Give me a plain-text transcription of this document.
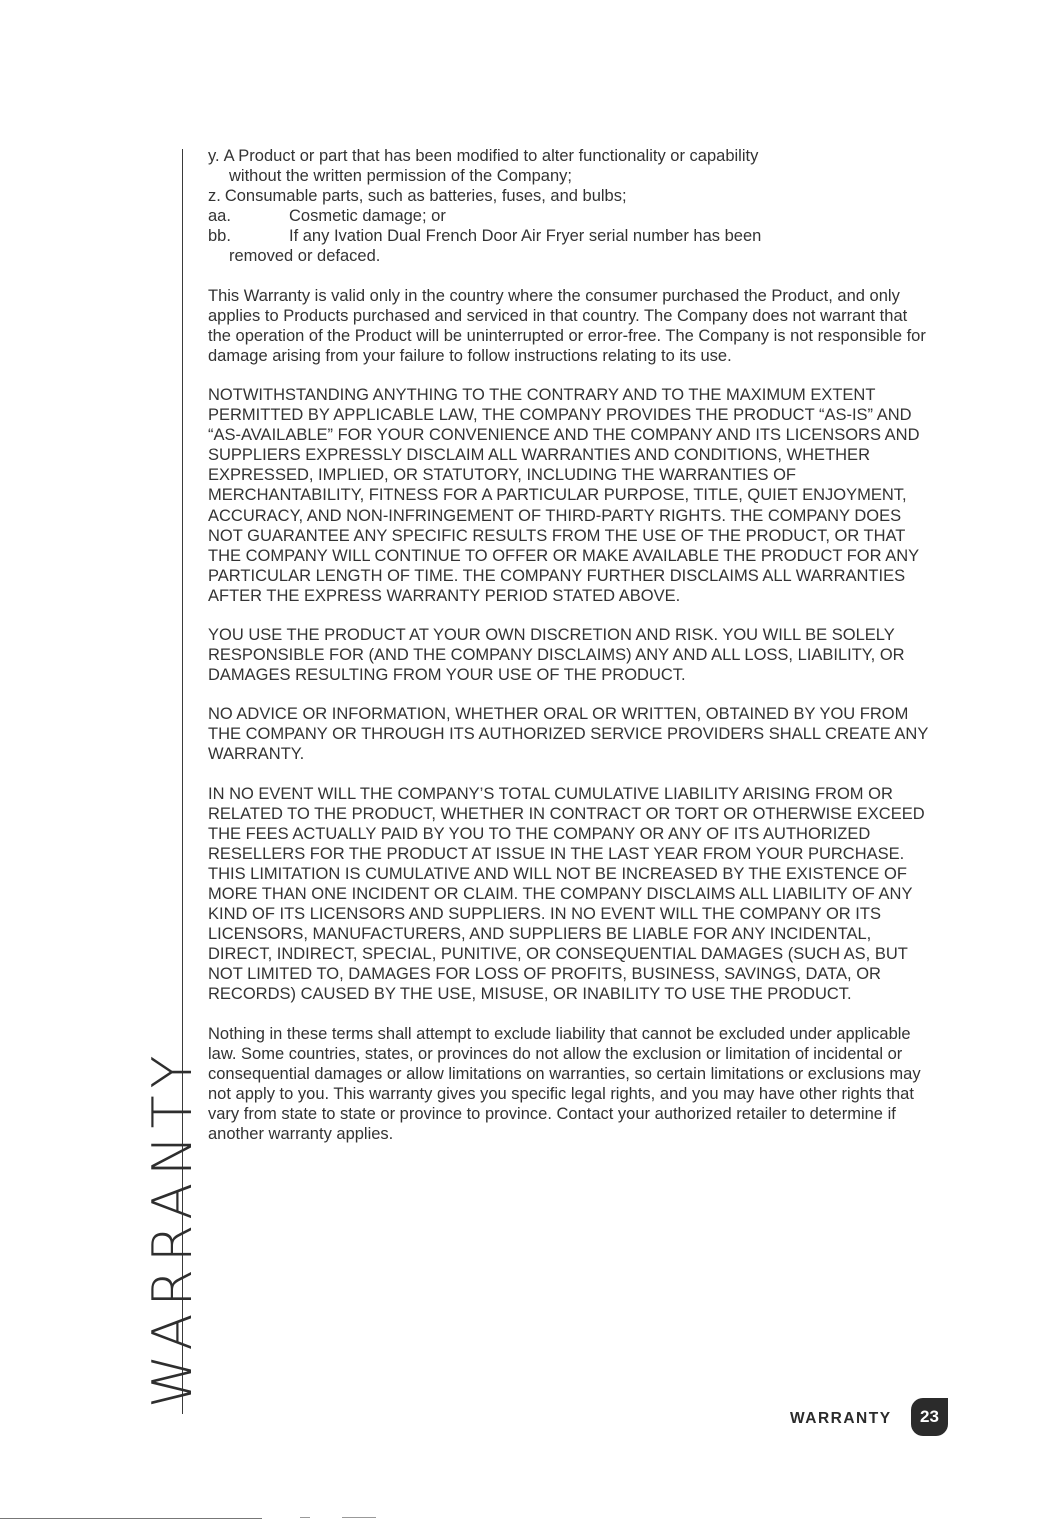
WARRANTY
y. A Product or part that has been modified to alter functionality or capability
without the written permission of the Company;
z. Consumable parts, such as batteries, fuses, and bulbs;
aa.	Cosmetic damage; or
bb.	If any Ivation Dual French Door Air Fryer serial number has been
removed or defaced.

This Warranty is valid only in the country where the consumer purchased the Product, and only applies to Products purchased and serviced in that country. The Company does not warrant that the operation of the Product will be uninterrupted or error-free. The Company is not responsible for damage arising from your failure to follow instructions relating to its use.

NOTWITHSTANDING ANYTHING TO THE CONTRARY AND TO THE MAXIMUM EXTENT PERMITTED BY APPLICABLE LAW, THE COMPANY PROVIDES THE PRODUCT “AS-IS” AND “AS-AVAILABLE” FOR YOUR CONVENIENCE AND THE COMPANY AND ITS LICENSORS AND SUPPLIERS EXPRESSLY DISCLAIM ALL WARRANTIES AND CONDITIONS, WHETHER EXPRESSED, IMPLIED, OR STATUTORY, INCLUDING THE WARRANTIES OF MERCHANTABILITY, FITNESS FOR A PARTICULAR PURPOSE, TITLE, QUIET ENJOYMENT, ACCURACY, AND NON-INFRINGEMENT OF THIRD-PARTY RIGHTS. THE COMPANY DOES NOT GUARANTEE ANY SPECIFIC RESULTS FROM THE USE OF THE PRODUCT, OR THAT THE COMPANY WILL CONTINUE TO OFFER OR MAKE AVAILABLE THE PRODUCT FOR ANY PARTICULAR LENGTH OF TIME. THE COMPANY FURTHER DISCLAIMS ALL WARRANTIES AFTER THE EXPRESS WARRANTY PERIOD STATED ABOVE.

YOU USE THE PRODUCT AT YOUR OWN DISCRETION AND RISK. YOU WILL BE SOLELY RESPONSIBLE FOR (AND THE COMPANY DISCLAIMS) ANY AND ALL LOSS, LIABILITY, OR DAMAGES RESULTING FROM YOUR USE OF THE PRODUCT.

NO ADVICE OR INFORMATION, WHETHER ORAL OR WRITTEN, OBTAINED BY YOU FROM THE COMPANY OR THROUGH ITS AUTHORIZED SERVICE PROVIDERS SHALL CREATE ANY WARRANTY.

IN NO EVENT WILL THE COMPANY’S TOTAL CUMULATIVE LIABILITY ARISING FROM OR RELATED TO THE PRODUCT, WHETHER IN CONTRACT OR TORT OR OTHERWISE EXCEED THE FEES ACTUALLY PAID BY YOU TO THE COMPANY OR ANY OF ITS AUTHORIZED RESELLERS FOR THE PRODUCT AT ISSUE IN THE LAST YEAR FROM YOUR PURCHASE. THIS LIMITATION IS CUMULATIVE AND WILL NOT BE INCREASED BY THE EXISTENCE OF MORE THAN ONE INCIDENT OR CLAIM. THE COMPANY DISCLAIMS ALL LIABILITY OF ANY KIND OF ITS LICENSORS AND SUPPLIERS. IN NO EVENT WILL THE COMPANY OR ITS LICENSORS, MANUFACTURERS, AND SUPPLIERS BE LIABLE FOR ANY INCIDENTAL, DIRECT, INDIRECT, SPECIAL, PUNITIVE, OR CONSEQUENTIAL DAMAGES (SUCH AS, BUT NOT LIMITED TO, DAMAGES FOR LOSS OF PROFITS, BUSINESS, SAVINGS, DATA, OR RECORDS) CAUSED BY THE USE, MISUSE, OR INABILITY TO USE THE PRODUCT.

Nothing in these terms shall attempt to exclude liability that cannot be excluded under applicable law. Some countries, states, or provinces do not allow the exclusion or limitation of incidental or consequential damages or allow limitations on warranties, so certain limitations or exclusions may not apply to you. This warranty gives you specific legal rights, and you may have other rights that vary from state to state or province to province. Contact your authorized retailer to determine if another warranty applies.

WARRANTY	23
